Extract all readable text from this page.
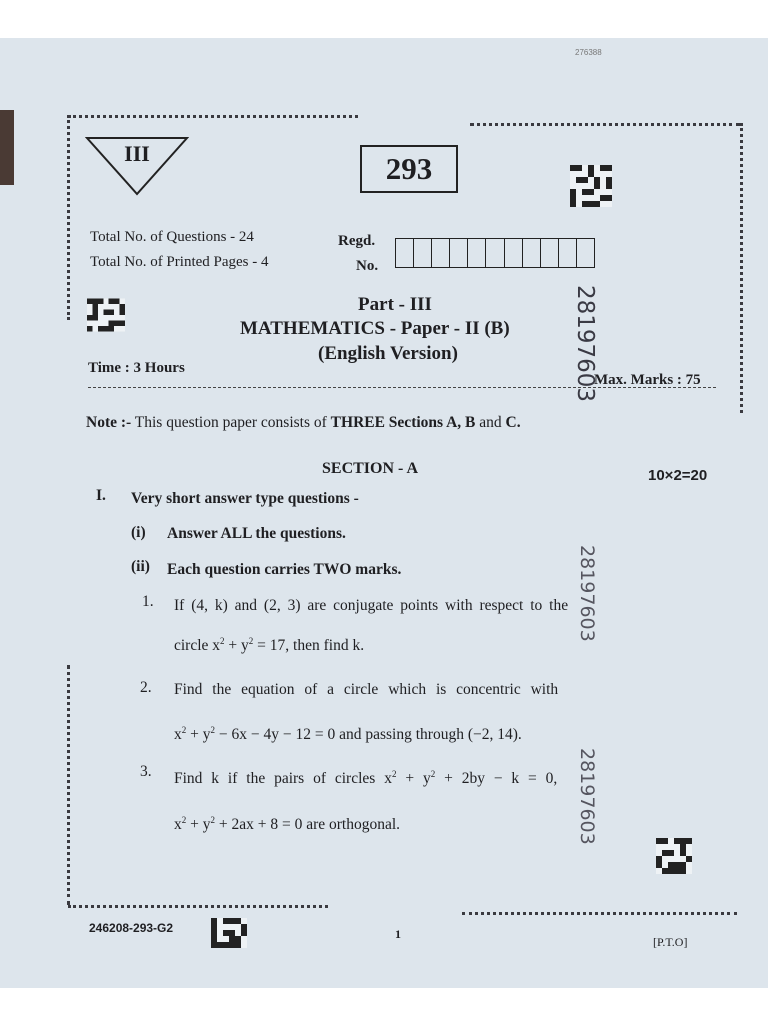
276388
III	293
Total No. of Questions - 24
Total No. of Printed Pages - 4
Regd.
No.
Part - III
MATHEMATICS - Paper - II (B)
(English Version)
Time : 3 Hours
Max. Marks : 75
28197603
28197603
28197603
Note :- This question paper consists of THREE Sections A, B and C.
SECTION - A	10×2=20
I. Very short answer type questions -
(i) Answer ALL the questions.
(ii) Each question carries TWO marks.
1. If (4, k) and (2, 3) are conjugate points with respect to the
circle $x^2 + y^2 = 17$, then find k.
2. Find the equation of a circle which is concentric with
$x^2 + y^2 - 6x - 4y - 12 = 0$ and passing through (−2, 14).
3. Find k if the pairs of circles $x^2 + y^2 + 2by - k = 0$,
$x^2 + y^2 + 2ax + 8 = 0$ are orthogonal.
246208-293-G2	1
[P.T.O]
